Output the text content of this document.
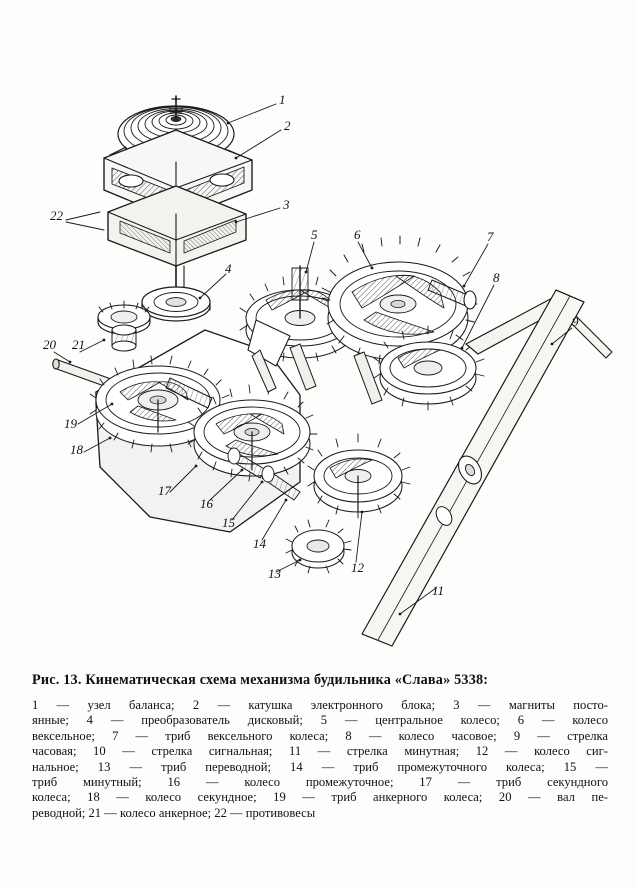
1
2
3
4
5	6	7
8
9
11
12
13
14
15
16
17
18
19
20 21
22

Рис. 13. Кинематическая схема механизма будильника «Слава» 5338:

1 — узел баланса; 2 — катушка электронного блока; 3 — магниты посто-
янные; 4 — преобразователь дисковый; 5 — центральное колесо; 6 — колесо
вексельное; 7 — триб вексельного колеса; 8 — колесо часовое; 9 — стрелка
часовая; 10 — стрелка сигнальная; 11 — стрелка минутная; 12 — колесо сиг-
нальное; 13 — триб переводной; 14 — триб промежуточного колеса; 15 —
триб минутный; 16 — колесо промежуточное; 17 — триб секундного
колеса; 18 — колесо секундное; 19 — триб анкерного колеса; 20 — вал пе-
реводной; 21 — колесо анкерное; 22 — противовесы
